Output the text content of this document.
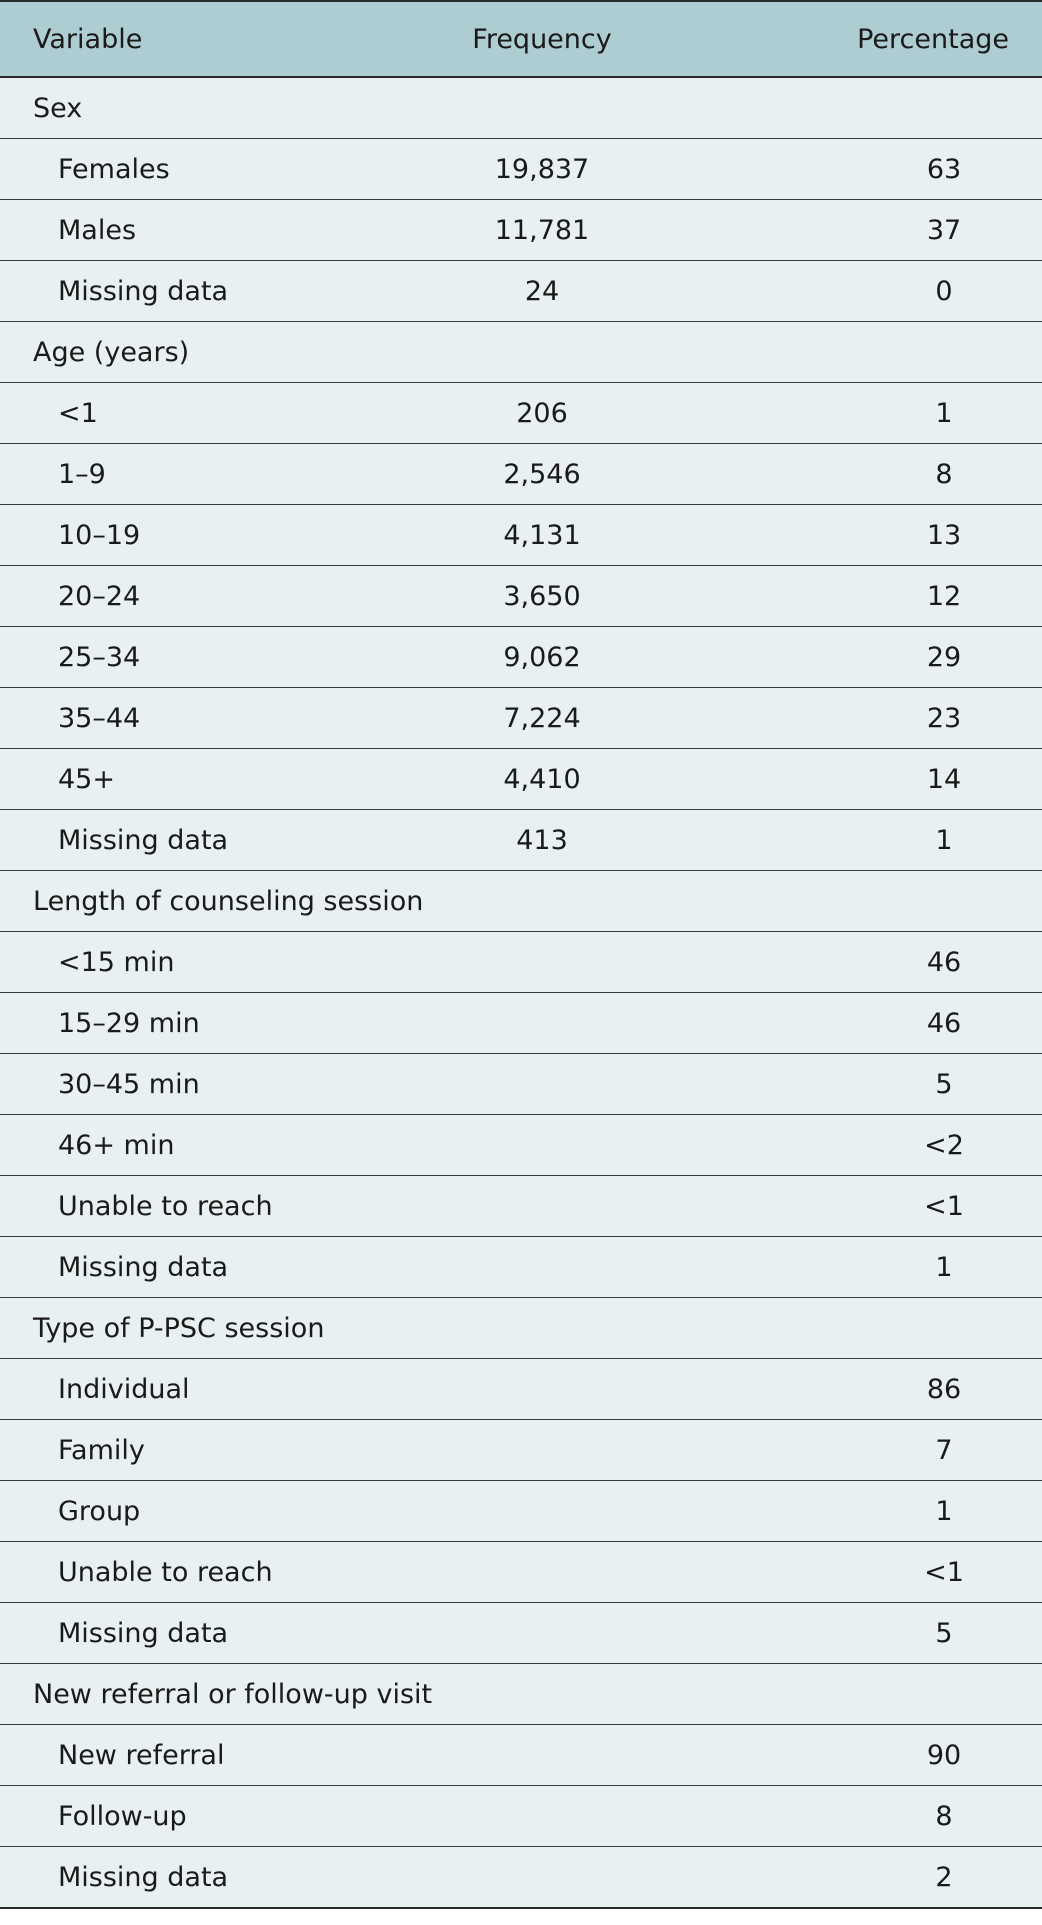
Variable	Frequency	Percentage
Sex		
Females	19,837	63
Males	11,781	37
Missing data	24	0
Age (years)		
<1	206	1
1–9	2,546	8
10–19	4,131	13
20–24	3,650	12
25–34	9,062	29
35–44	7,224	23
45+	4,410	14
Missing data	413	1
Length of counseling session		
<15 min		46
15–29 min		46
30–45 min		5
46+ min		<2
Unable to reach		<1
Missing data		1
Type of P-PSC session		
Individual		86
Family		7
Group		1
Unable to reach		<1
Missing data		5
New referral or follow-up visit		
New referral		90
Follow-up		8
Missing data		2
